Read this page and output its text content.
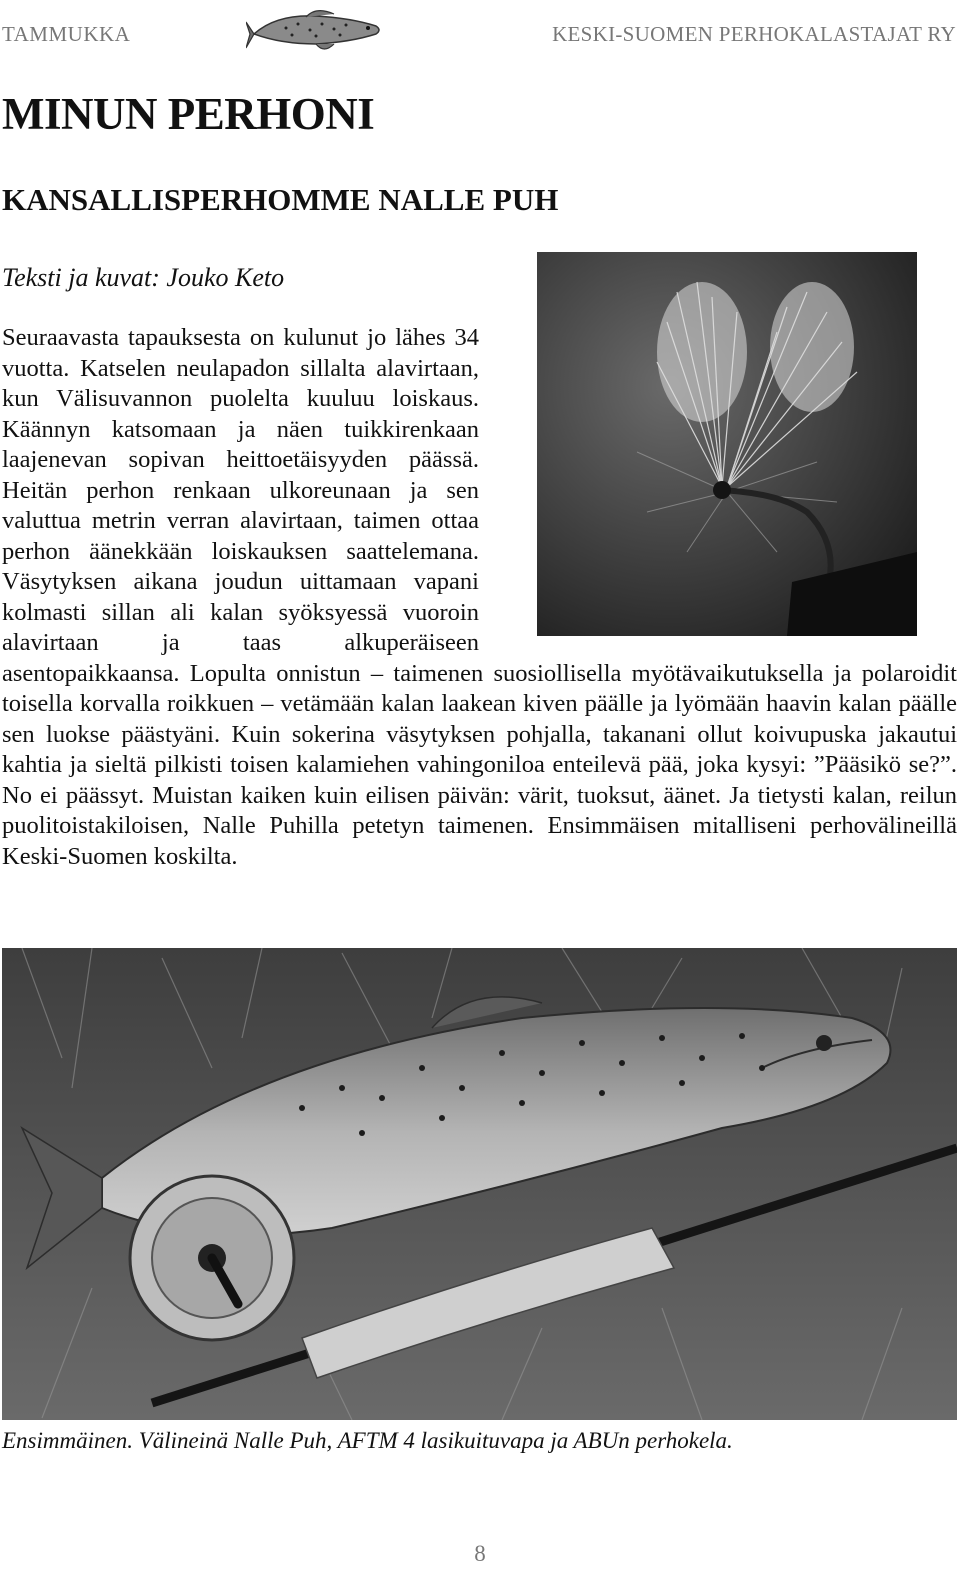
TAMMUKKA	KESKI-SUOMEN PERHOKALASTAJAT RY
MINUN PERHONI
KANSALLISPERHOMME NALLE PUH
Teksti ja kuvat: Jouko Keto
Seuraavasta tapauksesta on kulunut jo lähes 34 vuotta. Katselen neulapadon sillalta alavirtaan, kun Välisuvannon puolelta kuuluu loiskaus. Käännyn katsomaan ja näen tuikkirenkaan laajenevan sopivan heittoetäisyyden päässä. Heitän perhon renkaan ulkoreunaan ja sen valuttua metrin verran alavirtaan, taimen ottaa perhon äänekkään loiskauksen saattelemana. Väsytyksen aikana joudun uittamaan vapani kolmasti sillan ali kalan syöksyessä vuoroin alavirtaan ja taas alkuperäiseen asentopaikkaansa. Lopulta onnistun – taimenen suosiollisella myötävaikutuksella ja polaroidit toisella korvalla roikkuen – vetämään kalan laakean kiven päälle ja lyömään haavin kalan päälle sen luokse päästyäni. Kuin sokerina väsytyksen pohjalla, takanani ollut koivupuska jakautui kahtia ja sieltä pilkisti toisen kalamiehen vahingoniloa enteilevä pää, joka kysyi: ”Pääsikö se?”. No ei päässyt. Muistan kaiken kuin eilisen päivän: värit, tuoksut, äänet. Ja tietysti kalan, reilun puolitoistakiloisen, Nalle Puhilla petetyn taimenen. Ensimmäisen mitalliseni perhovälineillä Keski-Suomen koskilta.
Ensimmäinen. Välineinä Nalle Puh, AFTM 4 lasikuituvapa ja ABUn perhokela.
8
